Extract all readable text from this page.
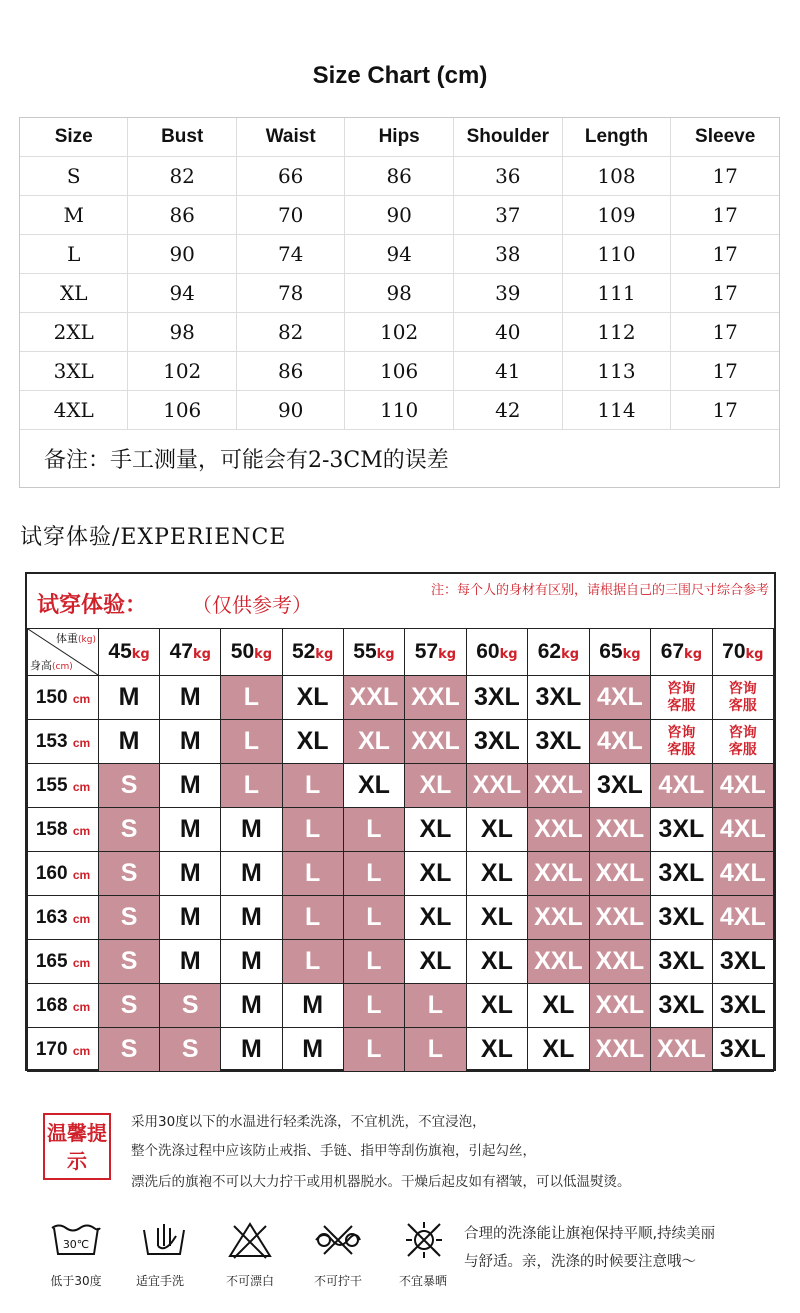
Size Chart (cm)
Size	Bust	Waist	Hips	Shoulder	Length	Sleeve
S	82	66	86	36	108	17
M	86	70	90	37	109	17
L	90	74	94	38	110	17
XL	94	78	98	39	111	17
2XL	98	82	102	40	112	17
3XL	102	86	106	41	113	17
4XL	106	90	110	42	114	17
备注：手工测量，可能会有2-3CM的误差
试穿体验/EXPERIENCE
试穿体验： （仅供参考）
注：每个人的身材有区别，请根据自己的三围尺寸综合参考
体重(kg)
身高(cm)	45kg	47kg	50kg	52kg	55kg	57kg	60kg	62kg	65kg	67kg	70kg
150 cm	M	M	L	XL	XXL	XXL	3XL	3XL	4XL	咨询客服	咨询客服
153 cm	M	M	L	XL	XL	XXL	3XL	3XL	4XL	咨询客服	咨询客服
155 cm	S	M	L	L	XL	XL	XXL	XXL	3XL	4XL	4XL
158 cm	S	M	M	L	L	XL	XL	XXL	XXL	3XL	4XL
160 cm	S	M	M	L	L	XL	XL	XXL	XXL	3XL	4XL
163 cm	S	M	M	L	L	XL	XL	XXL	XXL	3XL	4XL
165 cm	S	M	M	L	L	XL	XL	XXL	XXL	3XL	3XL
168 cm	S	S	M	M	L	L	XL	XL	XXL	3XL	3XL
170 cm	S	S	M	M	L	L	XL	XL	XXL	XXL	3XL
温馨提示
采用30度以下的水温进行轻柔洗涤，不宜机洗，不宜浸泡，
整个洗涤过程中应该防止戒指、手链、指甲等刮伤旗袍，引起勾丝，
漂洗后的旗袍不可以大力拧干或用机器脱水。干燥后起皮如有褶皱，可以低温熨烫。
30℃
低于30度	适宜手洗	不可漂白	不可拧干	不宜暴晒
合理的洗涤能让旗袍保持平顺,持续美丽
与舒适。亲，洗涤的时候要注意哦～
